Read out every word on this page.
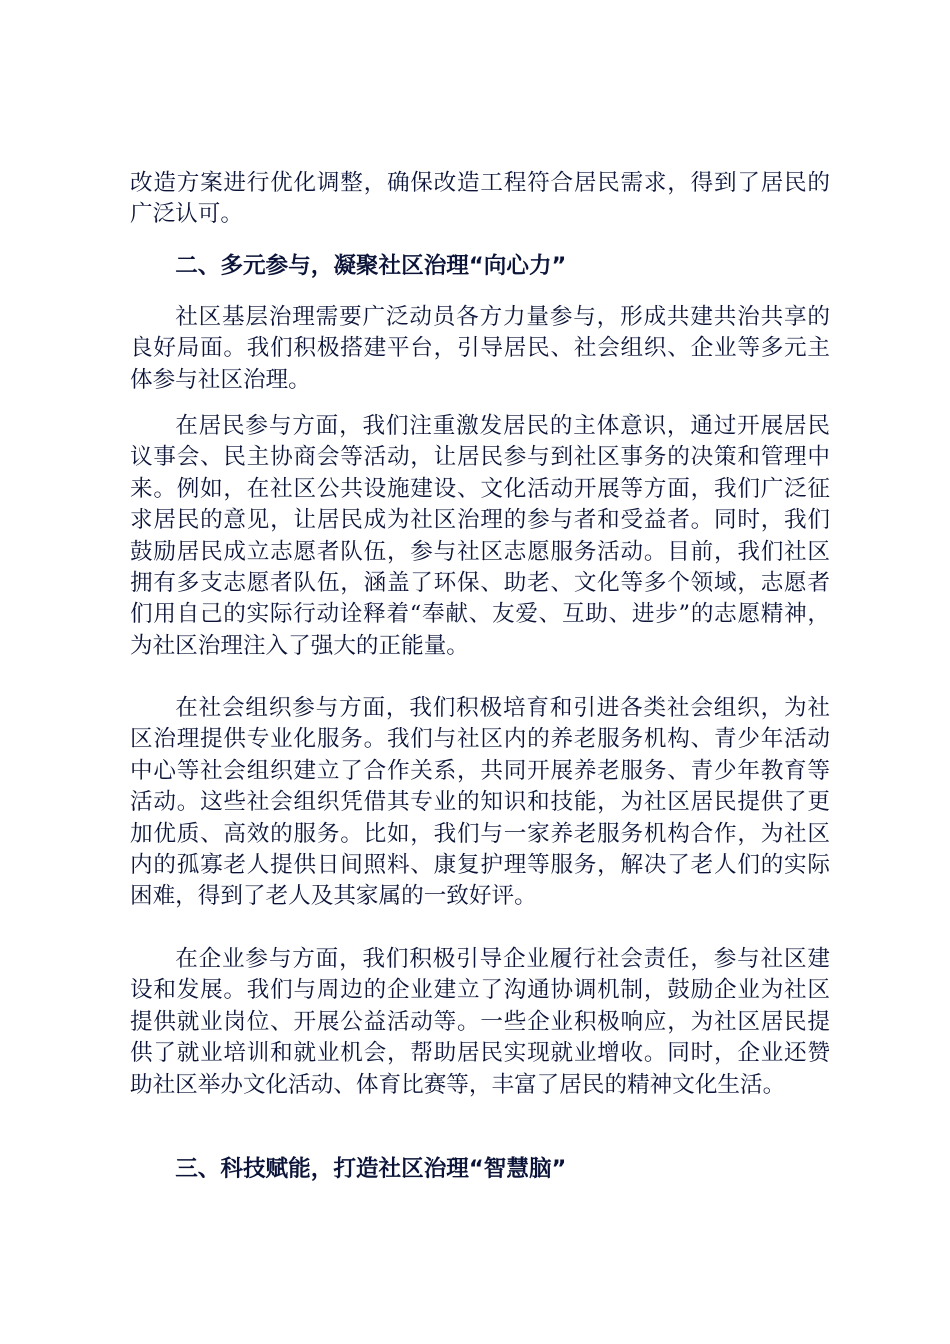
改造方案进行优化调整，确保改造工程符合居民需求，得到了居民的广泛认可。

二、多元参与，凝聚社区治理“向心力”

社区基层治理需要广泛动员各方力量参与，形成共建共治共享的良好局面。我们积极搭建平台，引导居民、社会组织、企业等多元主体参与社区治理。

在居民参与方面，我们注重激发居民的主体意识，通过开展居民议事会、民主协商会等活动，让居民参与到社区事务的决策和管理中来。例如，在社区公共设施建设、文化活动开展等方面，我们广泛征求居民的意见，让居民成为社区治理的参与者和受益者。同时，我们鼓励居民成立志愿者队伍，参与社区志愿服务活动。目前，我们社区拥有多支志愿者队伍，涵盖了环保、助老、文化等多个领域，志愿者们用自己的实际行动诠释着“奉献、友爱、互助、进步”的志愿精神，为社区治理注入了强大的正能量。

在社会组织参与方面，我们积极培育和引进各类社会组织，为社区治理提供专业化服务。我们与社区内的养老服务机构、青少年活动中心等社会组织建立了合作关系，共同开展养老服务、青少年教育等活动。这些社会组织凭借其专业的知识和技能，为社区居民提供了更加优质、高效的服务。比如，我们与一家养老服务机构合作，为社区内的孤寡老人提供日间照料、康复护理等服务，解决了老人们的实际困难，得到了老人及其家属的一致好评。

在企业参与方面，我们积极引导企业履行社会责任，参与社区建设和发展。我们与周边的企业建立了沟通协调机制，鼓励企业为社区提供就业岗位、开展公益活动等。一些企业积极响应，为社区居民提供了就业培训和就业机会，帮助居民实现就业增收。同时，企业还赞助社区举办文化活动、体育比赛等，丰富了居民的精神文化生活。

三、科技赋能，打造社区治理“智慧脑”
